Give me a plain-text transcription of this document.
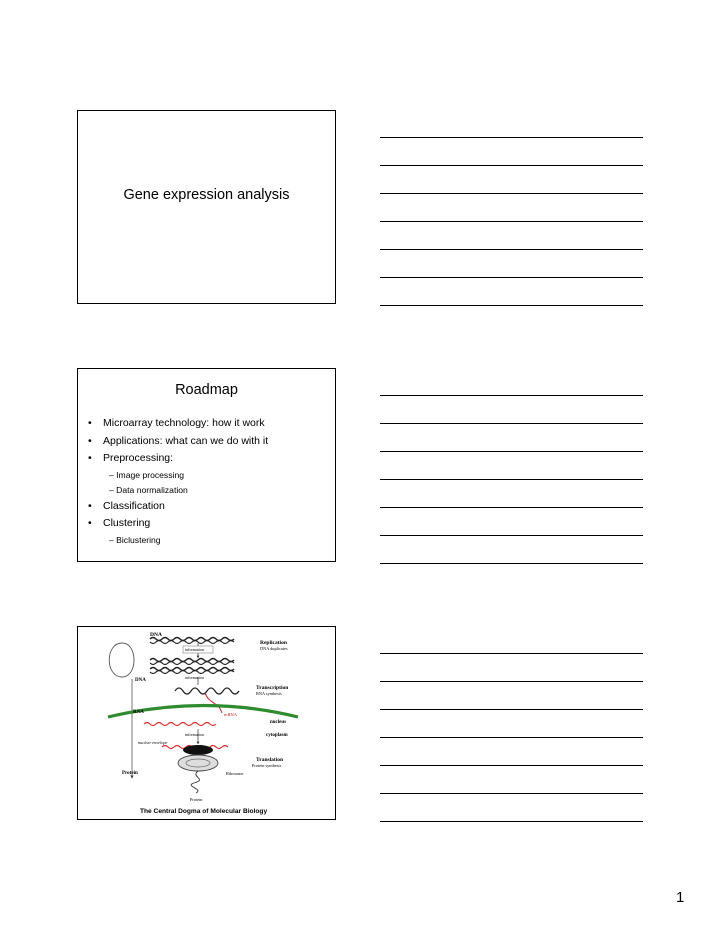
Gene expression analysis
Roadmap
• Microarray technology: how it work
• Applications: what can we do with it
• Preprocessing:
– Image processing
– Data normalization
• Classification
• Clustering
– Biclustering
DNA
information
Replication
DNA duplicates
DNA
information
Transcription
RNA synthesis
RNA	mRNA
nucleus
information	cytoplasm
nuclear envelope
Translation
Protein synthesis
Ribosome
Protein
Protein
The Central Dogma of Molecular Biology
1
